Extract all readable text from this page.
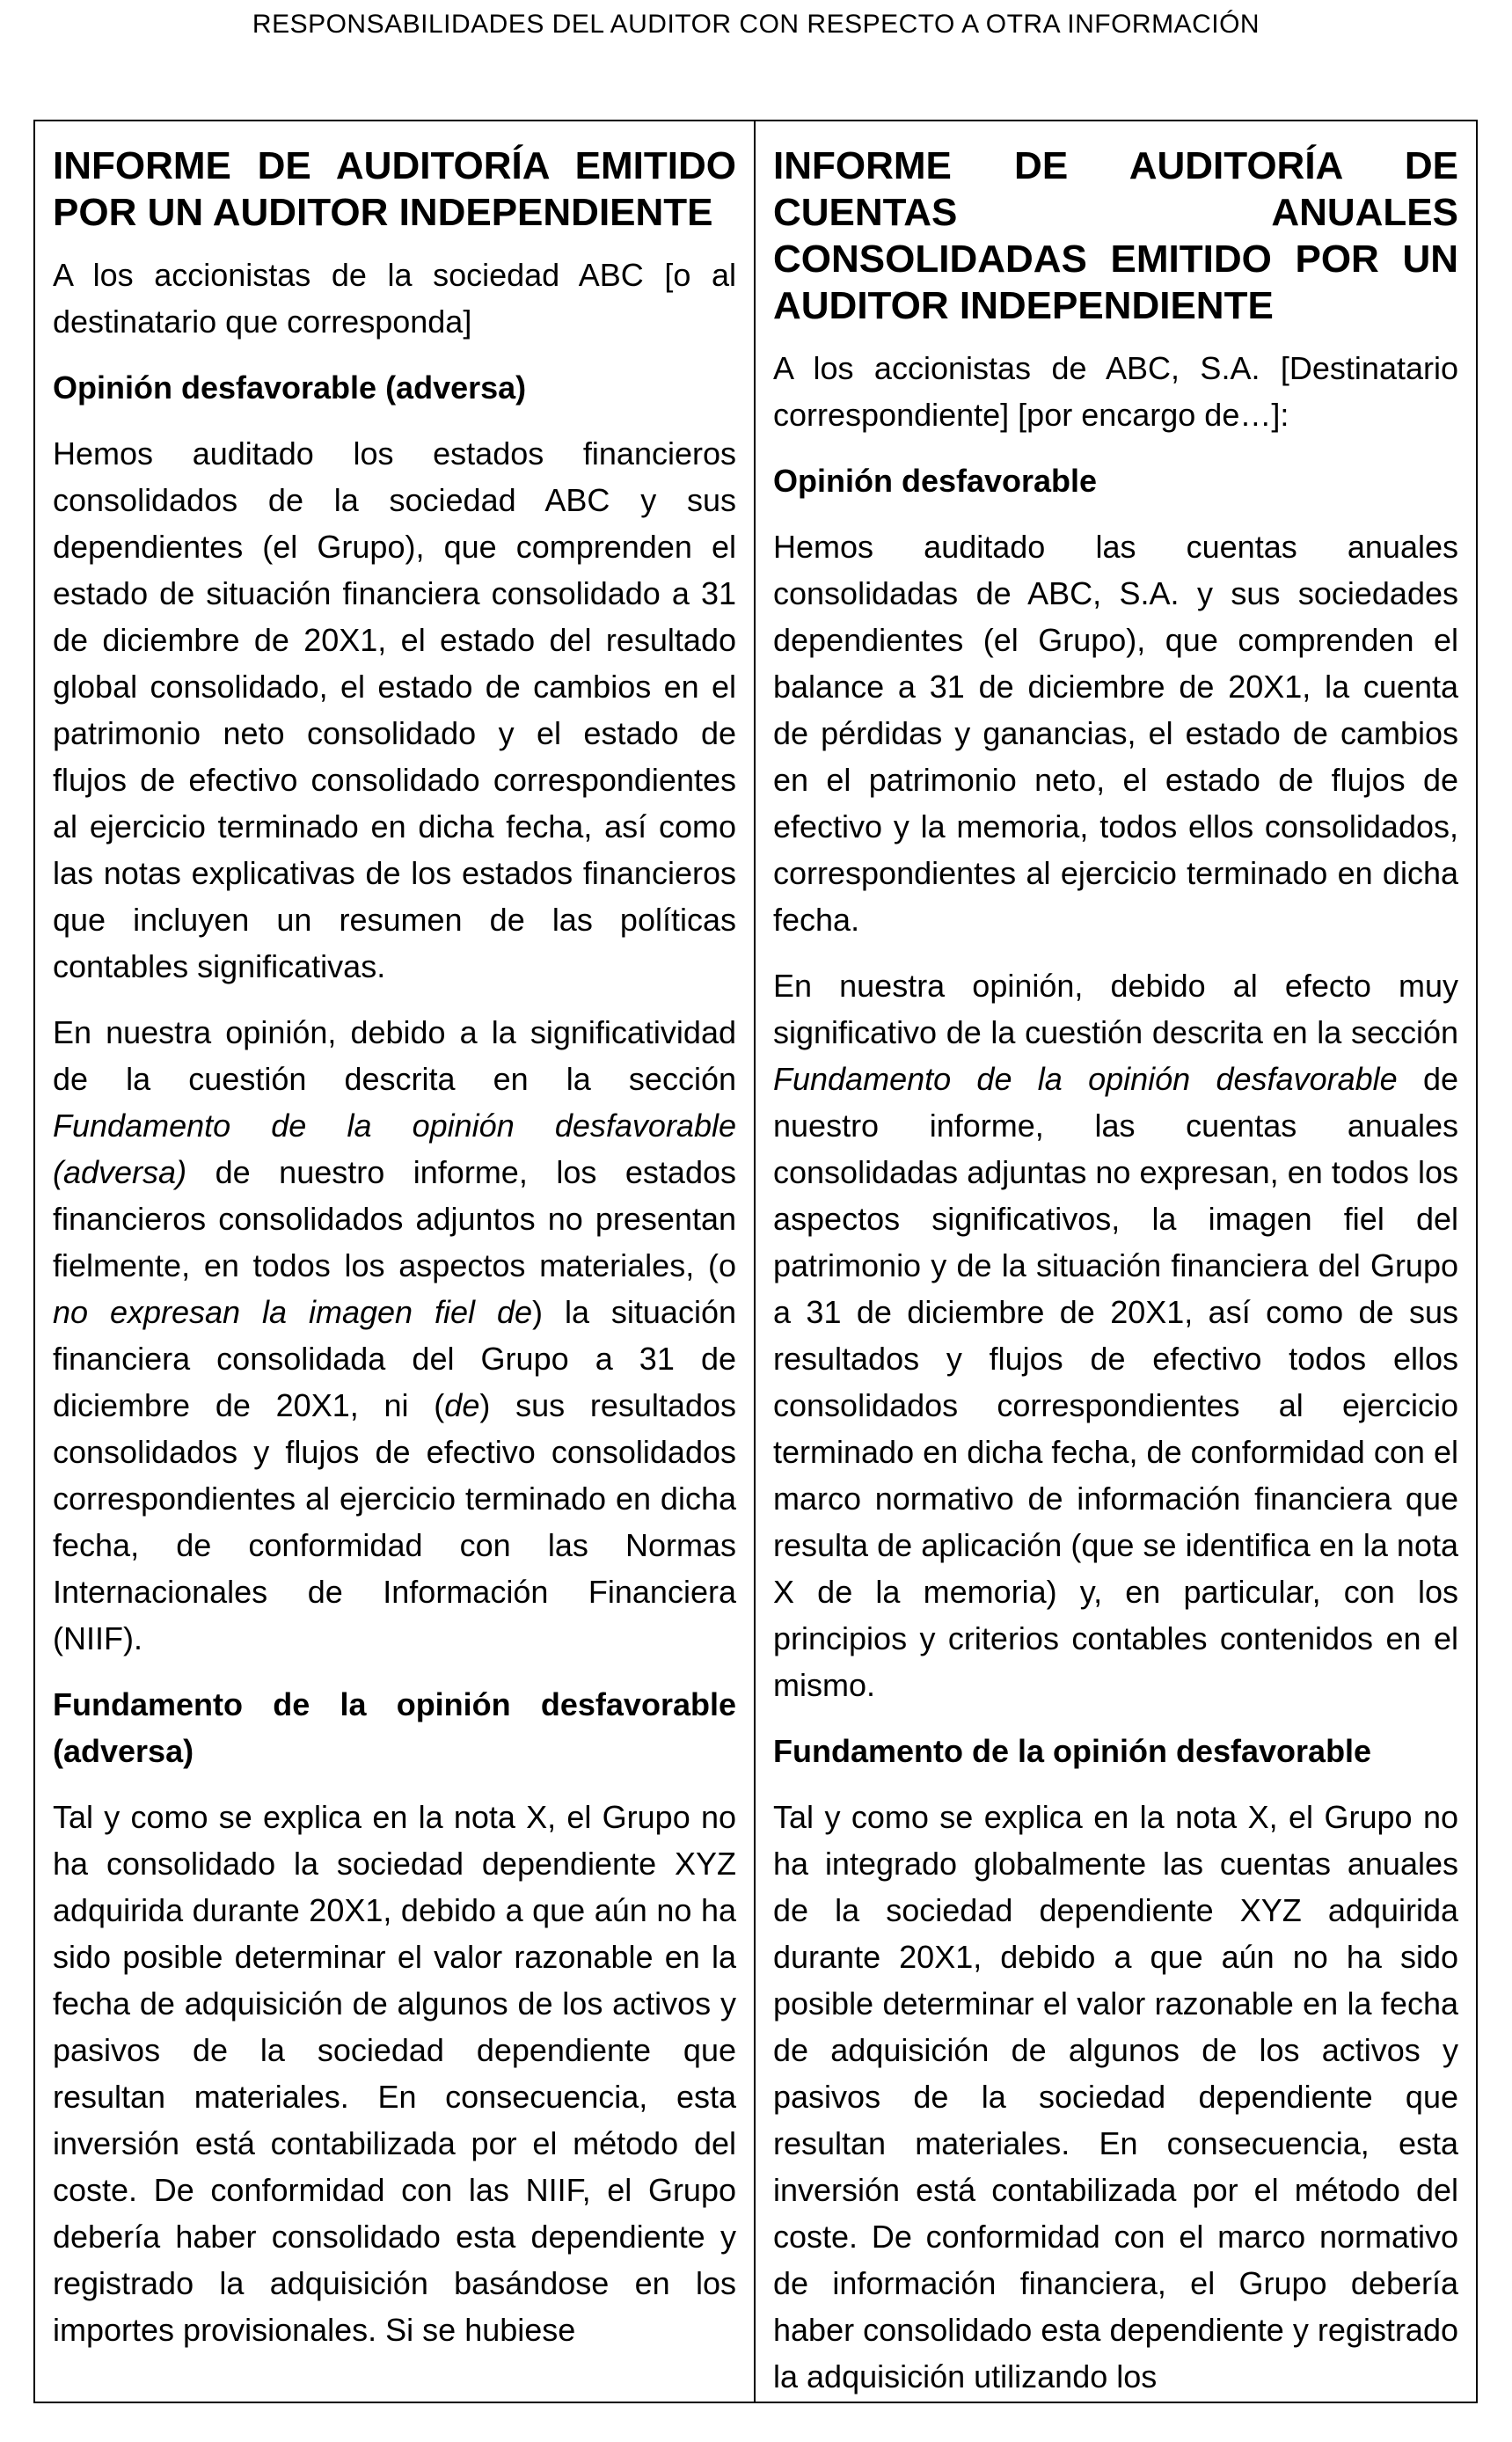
RESPONSABILIDADES DEL AUDITOR CON RESPECTO A OTRA INFORMACIÓN
INFORME DE AUDITORÍA EMITIDO POR UN AUDITOR INDEPENDIENTE
A los accionistas de la sociedad ABC [o al destinatario que corresponda]
Opinión desfavorable (adversa)
Hemos auditado los estados financieros consolidados de la sociedad ABC y sus dependientes (el Grupo), que comprenden el estado de situación financiera consolidado a 31 de diciembre de 20X1, el estado del resultado global consolidado, el estado de cambios en el patrimonio neto consolidado y el estado de flujos de efectivo consolidado correspondientes al ejercicio terminado en dicha fecha, así como las notas explicativas de los estados financieros que incluyen un resumen de las políticas contables significativas.
En nuestra opinión, debido a la significatividad de la cuestión descrita en la sección Fundamento de la opinión desfavorable (adversa) de nuestro informe, los estados financieros consolidados adjuntos no presentan fielmente, en todos los aspectos materiales, (o no expresan la imagen fiel de) la situación financiera consolidada del Grupo a 31 de diciembre de 20X1, ni (de) sus resultados consolidados y flujos de efectivo consolidados correspondientes al ejercicio terminado en dicha fecha, de conformidad con las Normas Internacionales de Información Financiera (NIIF).
Fundamento de la opinión desfavorable (adversa)
Tal y como se explica en la nota X, el Grupo no ha consolidado la sociedad dependiente XYZ adquirida durante 20X1, debido a que aún no ha sido posible determinar el valor razonable en la fecha de adquisición de algunos de los activos y pasivos de la sociedad dependiente que resultan materiales. En consecuencia, esta inversión está contabilizada por el método del coste. De conformidad con las NIIF, el Grupo debería haber consolidado esta dependiente y registrado la adquisición basándose en los importes provisionales. Si se hubiese
INFORME DE AUDITORÍA DE CUENTAS ANUALES CONSOLIDADAS EMITIDO POR UN AUDITOR INDEPENDIENTE
A los accionistas de ABC, S.A. [Destinatario correspondiente] [por encargo de…]:
Opinión desfavorable
Hemos auditado las cuentas anuales consolidadas de ABC, S.A. y sus sociedades dependientes (el Grupo), que comprenden el balance a 31 de diciembre de 20X1, la cuenta de pérdidas y ganancias, el estado de cambios en el patrimonio neto, el estado de flujos de efectivo y la memoria, todos ellos consolidados, correspondientes al ejercicio terminado en dicha fecha.
En nuestra opinión, debido al efecto muy significativo de la cuestión descrita en la sección Fundamento de la opinión desfavorable de nuestro informe, las cuentas anuales consolidadas adjuntas no expresan, en todos los aspectos significativos, la imagen fiel del patrimonio y de la situación financiera del Grupo a 31 de diciembre de 20X1, así como de sus resultados y flujos de efectivo todos ellos consolidados correspondientes al ejercicio terminado en dicha fecha, de conformidad con el marco normativo de información financiera que resulta de aplicación (que se identifica en la nota X de la memoria) y, en particular, con los principios y criterios contables contenidos en el mismo.
Fundamento de la opinión desfavorable
Tal y como se explica en la nota X, el Grupo no ha integrado globalmente las cuentas anuales de la sociedad dependiente XYZ adquirida durante 20X1, debido a que aún no ha sido posible determinar el valor razonable en la fecha de adquisición de algunos de los activos y pasivos de la sociedad dependiente que resultan materiales. En consecuencia, esta inversión está contabilizada por el método del coste. De conformidad con el marco normativo de información financiera, el Grupo debería haber consolidado esta dependiente y registrado la adquisición utilizando los
